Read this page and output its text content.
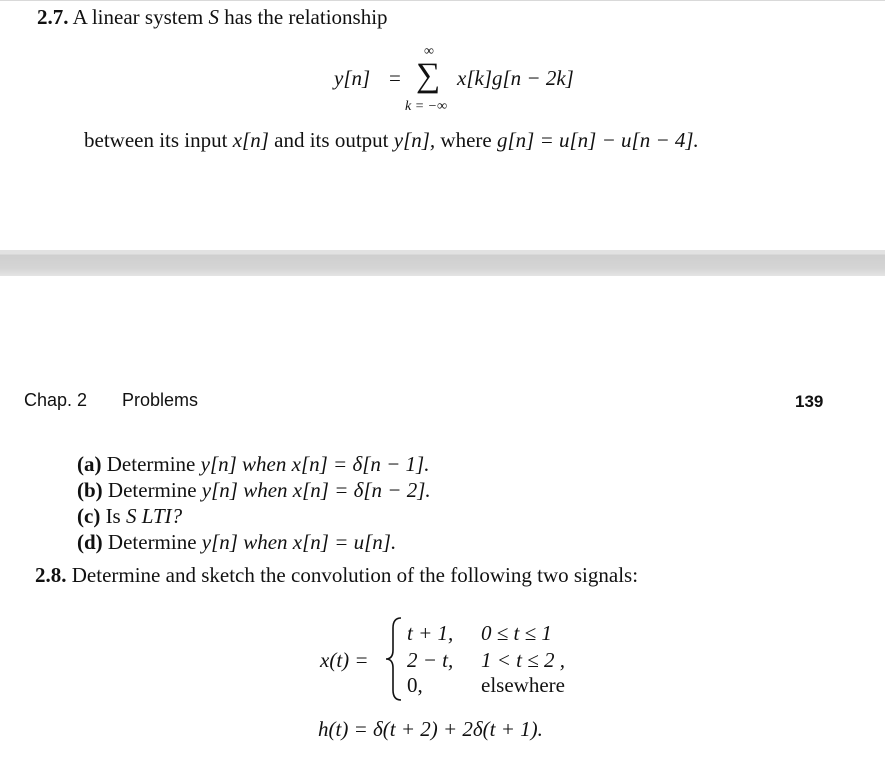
2.7. A linear system S has the relationship
y[n] =
∞
∑
k = −∞
x[k]g[n − 2k]
between its input x[n] and its output y[n], where g[n] = u[n] − u[n − 4].
Chap. 2 Problems	139
(a) Determine y[n] when x[n] = δ[n − 1].
(b) Determine y[n] when x[n] = δ[n − 2].
(c) Is S LTI?
(d) Determine y[n] when x[n] = u[n].
2.8. Determine and sketch the convolution of the following two signals:
x(t) =
t + 1, 0 ≤ t ≤ 1
2 − t, 1 < t ≤ 2 ,
0,	elsewhere
h(t) = δ(t + 2) + 2δ(t + 1).
